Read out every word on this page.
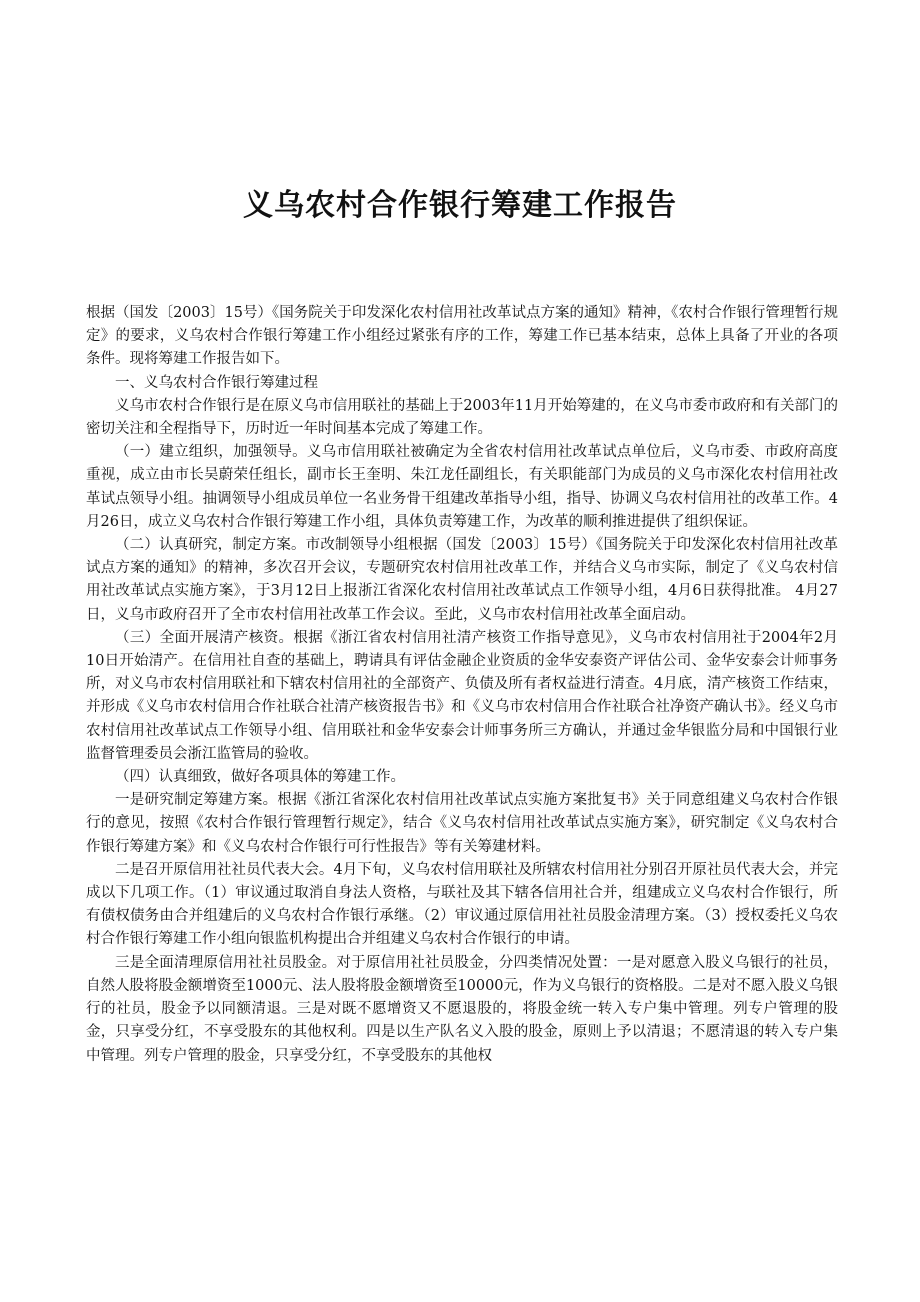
义乌农村合作银行筹建工作报告

根据（国发〔2003〕15号）《国务院关于印发深化农村信用社改革试点方案的通知》精神，《农村合作银行管理暂行规定》的要求，义乌农村合作银行筹建工作小组经过紧张有序的工作，筹建工作已基本结束，总体上具备了开业的各项条件。现将筹建工作报告如下。

一、义乌农村合作银行筹建过程

义乌市农村合作银行是在原义乌市信用联社的基础上于2003年11月开始筹建的，在义乌市委市政府和有关部门的密切关注和全程指导下，历时近一年时间基本完成了筹建工作。

（一）建立组织，加强领导。义乌市信用联社被确定为全省农村信用社改革试点单位后，义乌市委、市政府高度重视，成立由市长吴蔚荣任组长，副市长王奎明、朱江龙任副组长，有关职能部门为成员的义乌市深化农村信用社改革试点领导小组。抽调领导小组成员单位一名业务骨干组建改革指导小组，指导、协调义乌农村信用社的改革工作。4月26日，成立义乌农村合作银行筹建工作小组，具体负责筹建工作，为改革的顺利推进提供了组织保证。

（二）认真研究，制定方案。市改制领导小组根据（国发〔2003〕15号）《国务院关于印发深化农村信用社改革试点方案的通知》的精神，多次召开会议，专题研究农村信用社改革工作，并结合义乌市实际，制定了《义乌农村信用社改革试点实施方案》，于3月12日上报浙江省深化农村信用社改革试点工作领导小组，4月6日获得批准。 4月27日，义乌市政府召开了全市农村信用社改革工作会议。至此，义乌市农村信用社改革全面启动。

（三）全面开展清产核资。根据《浙江省农村信用社清产核资工作指导意见》，义乌市农村信用社于2004年2月10日开始清产。在信用社自查的基础上，聘请具有评估金融企业资质的金华安泰资产评估公司、金华安泰会计师事务所，对义乌市农村信用联社和下辖农村信用社的全部资产、负债及所有者权益进行清查。4月底，清产核资工作结束，并形成《义乌市农村信用合作社联合社清产核资报告书》和《义乌市农村信用合作社联合社净资产确认书》。经义乌市农村信用社改革试点工作领导小组、信用联社和金华安泰会计师事务所三方确认，并通过金华银监分局和中国银行业监督管理委员会浙江监管局的验收。

（四）认真细致，做好各项具体的筹建工作。

一是研究制定筹建方案。根据《浙江省深化农村信用社改革试点实施方案批复书》关于同意组建义乌农村合作银行的意见，按照《农村合作银行管理暂行规定》，结合《义乌农村信用社改革试点实施方案》，研究制定《义乌农村合作银行筹建方案》和《义乌农村合作银行可行性报告》等有关筹建材料。

二是召开原信用社社员代表大会。4月下旬，义乌农村信用联社及所辖农村信用社分别召开原社员代表大会，并完成以下几项工作。（1）审议通过取消自身法人资格，与联社及其下辖各信用社合并，组建成立义乌农村合作银行，所有债权债务由合并组建后的义乌农村合作银行承继。（2）审议通过原信用社社员股金清理方案。（3）授权委托义乌农村合作银行筹建工作小组向银监机构提出合并组建义乌农村合作银行的申请。

三是全面清理原信用社社员股金。对于原信用社社员股金，分四类情况处置：一是对愿意入股义乌银行的社员，自然人股将股金额增资至1000元、法人股将股金额增资至10000元，作为义乌银行的资格股。二是对不愿入股义乌银行的社员，股金予以同额清退。三是对既不愿增资又不愿退股的，将股金统一转入专户集中管理。列专户管理的股金，只享受分红，不享受股东的其他权利。四是以生产队名义入股的股金，原则上予以清退；不愿清退的转入专户集中管理。列专户管理的股金，只享受分红，不享受股东的其他权
